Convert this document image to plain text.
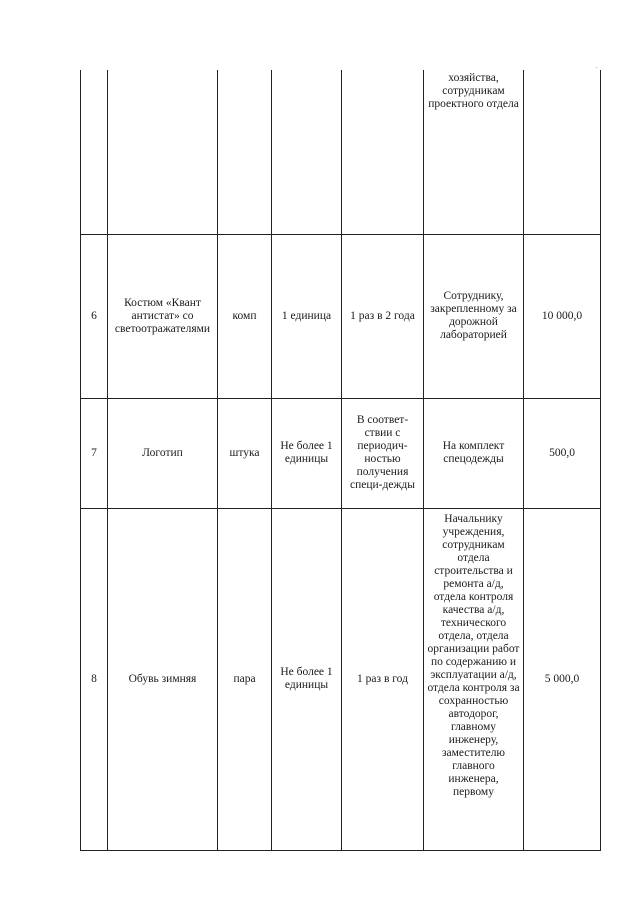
·
					хозяйства, сотрудникам проектного отдела	
6	Костюм «Квант антистат» со светоотражателями	комп	1 единица	1 раз в 2 года	Сотруднику, закрепленному за дорожной лабораторией	10 000,0
7	Логотип	штука	Не более 1 единицы	В соответ-ствии с периодич-ностью получения специ-дежды	На комплект спецодежды	500,0
8	Обувь зимняя	пара	Не более 1 единицы	1 раз в год	Начальнику учреждения, сотрудникам отдела строительства и ремонта а/д, отдела контроля качества а/д, технического отдела, отдела организации работ по содержанию и эксплуатации а/д, отдела контроля за сохранностью автодорог, главному инженеру, заместителю главного инженера, первому	5 000,0
